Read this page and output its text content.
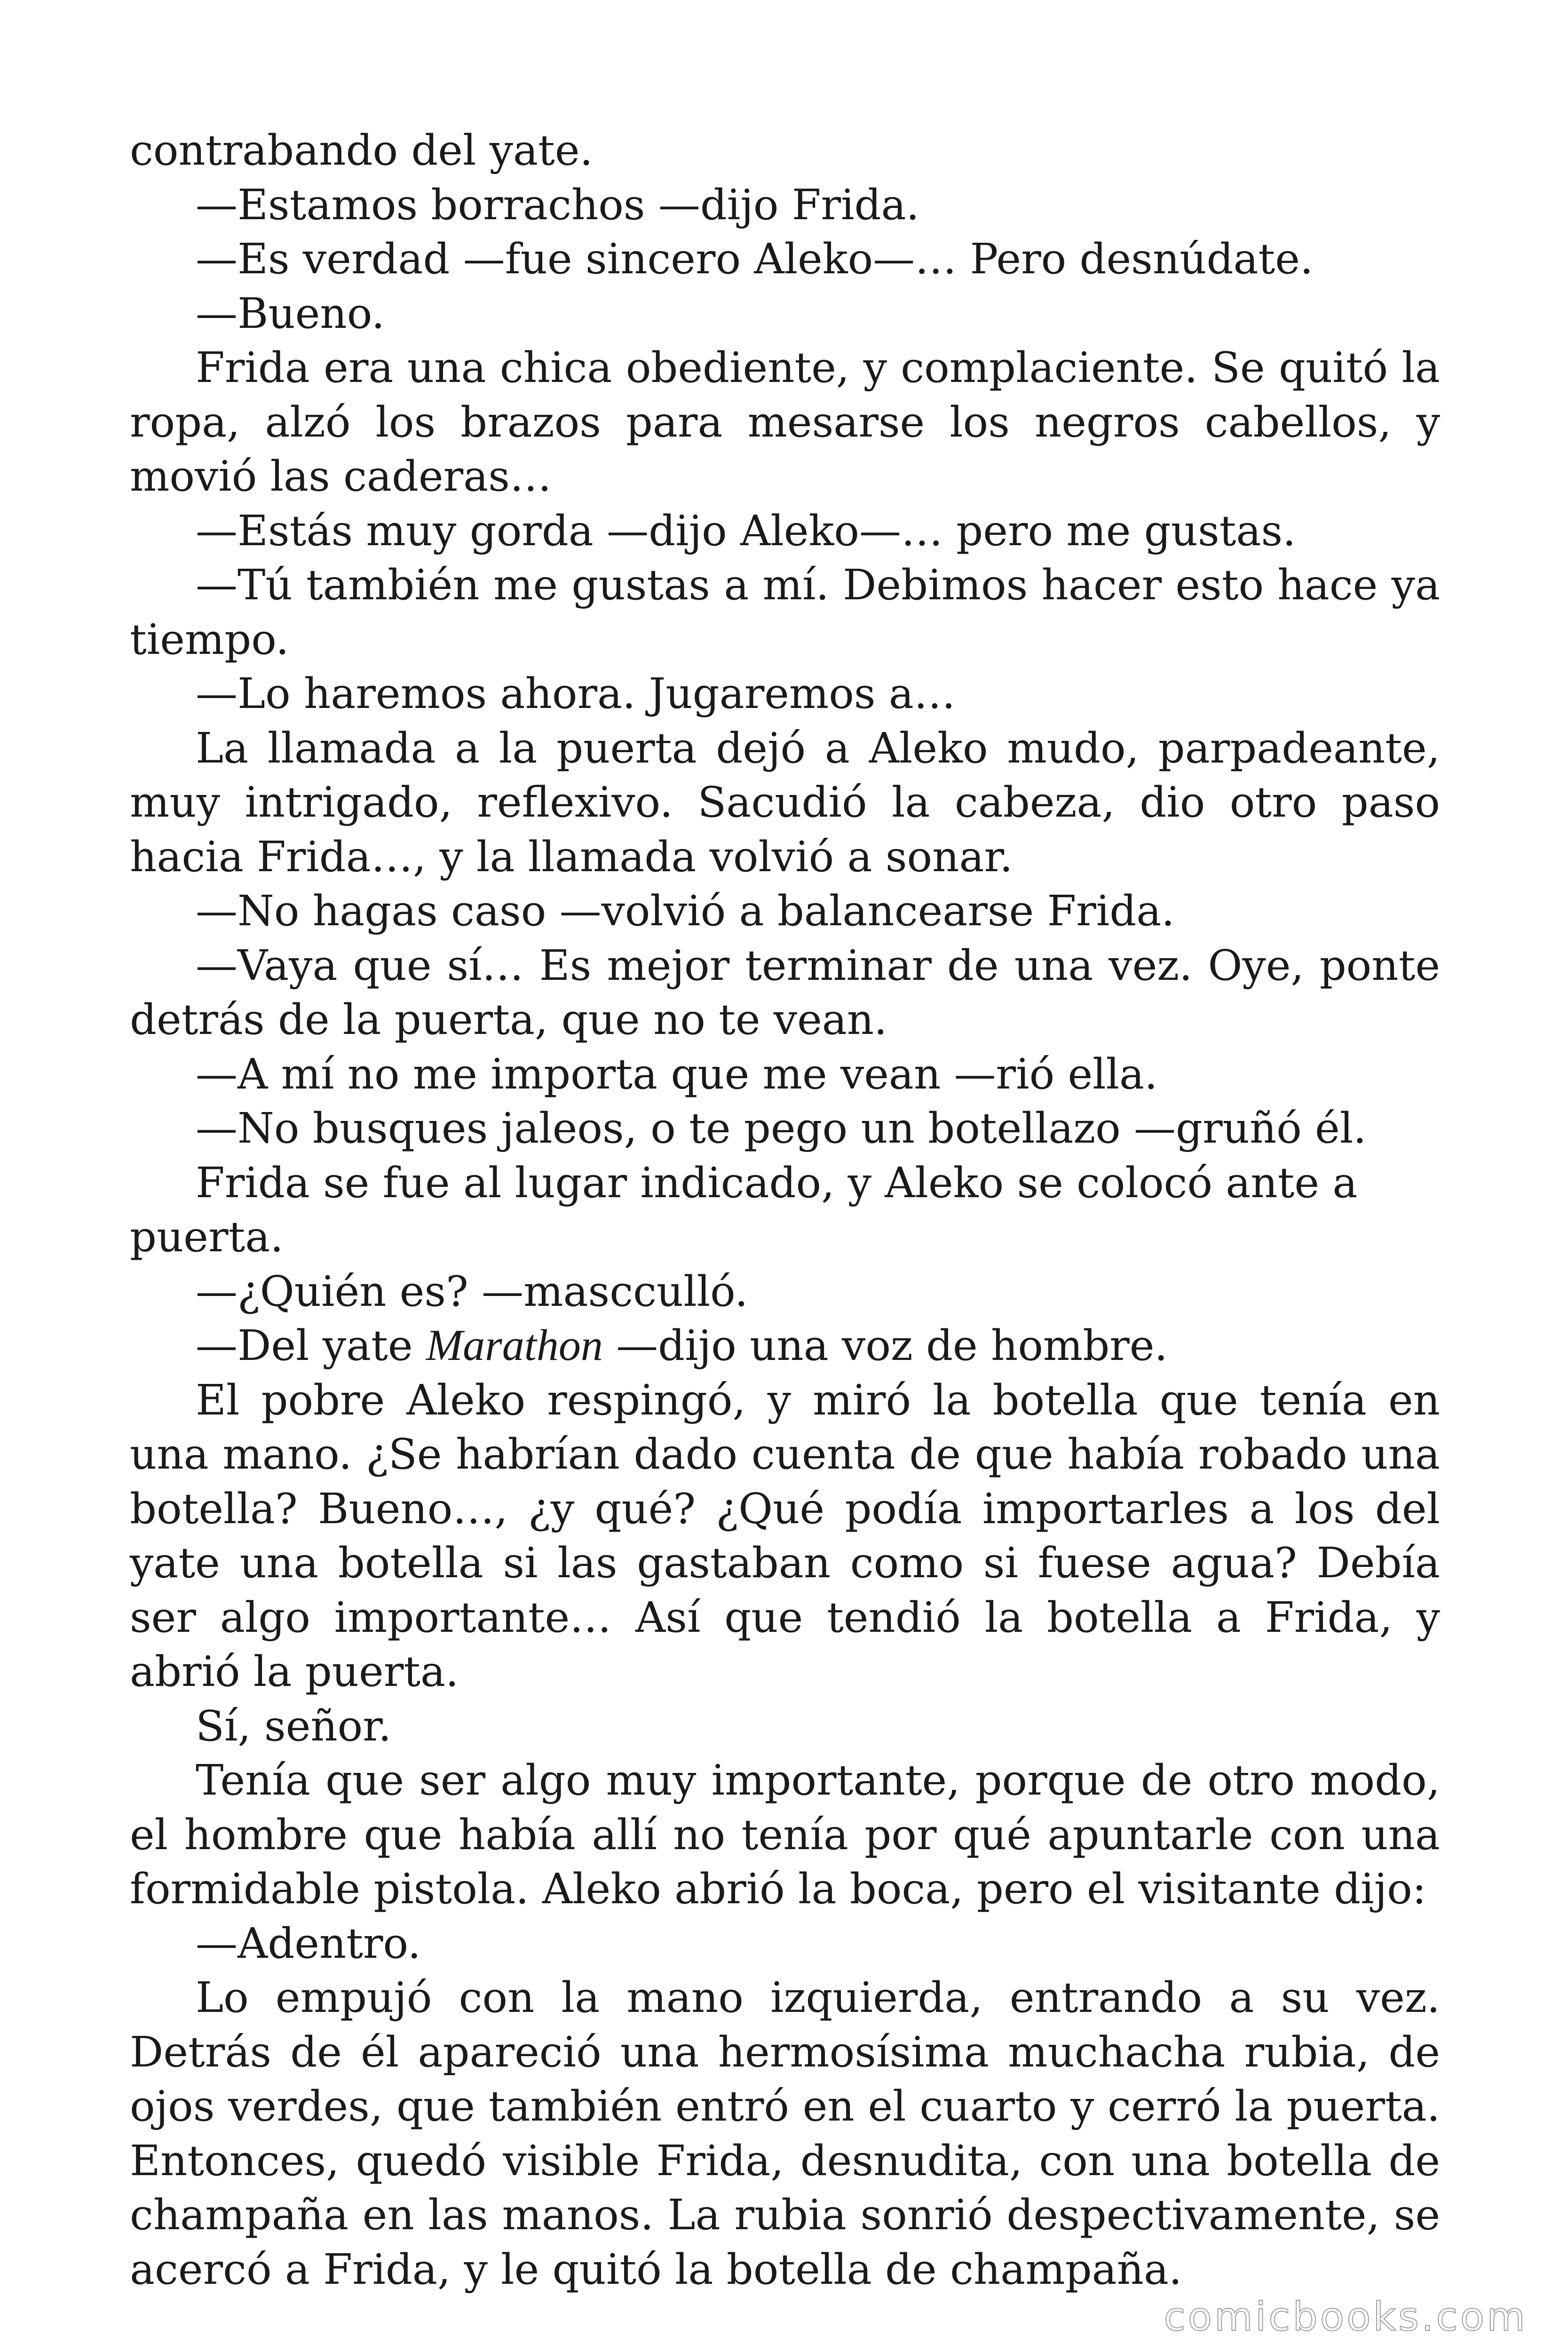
contrabando del yate.

—Estamos borrachos —dijo Frida.

—Es verdad —fue sincero Aleko—… Pero desnúdate.

—Bueno.

Frida era una chica obediente, y complaciente. Se quitó la ropa, alzó los brazos para mesarse los negros cabellos, y movió las caderas…

—Estás muy gorda —dijo Aleko—… pero me gustas.

—Tú también me gustas a mí. Debimos hacer esto hace ya tiempo.

—Lo haremos ahora. Jugaremos a…

La llamada a la puerta dejó a Aleko mudo, parpadeante, muy intrigado, reflexivo. Sacudió la cabeza, dio otro paso hacia Frida…, y la llamada volvió a sonar.

—No hagas caso —volvió a balancearse Frida.

—Vaya que sí… Es mejor terminar de una vez. Oye, ponte detrás de la puerta, que no te vean.

—A mí no me importa que me vean —rió ella.

—No busques jaleos, o te pego un botellazo —gruñó él.

Frida se fue al lugar indicado, y Aleko se colocó ante a puerta.

—¿Quién es? —mascculló.

—Del yate Marathon —dijo una voz de hombre.

El pobre Aleko respingó, y miró la botella que tenía en una mano. ¿Se habrían dado cuenta de que había robado una botella? Bueno…, ¿y qué? ¿Qué podía importarles a los del yate una botella si las gastaban como si fuese agua? Debía ser algo importante… Así que tendió la botella a Frida, y abrió la puerta.

Sí, señor.

Tenía que ser algo muy importante, porque de otro modo, el hombre que había allí no tenía por qué apuntarle con una formidable pistola. Aleko abrió la boca, pero el visitante dijo:

—Adentro.

Lo empujó con la mano izquierda, entrando a su vez. Detrás de él apareció una hermosísima muchacha rubia, de ojos verdes, que también entró en el cuarto y cerró la puerta. Entonces, quedó visible Frida, desnudita, con una botella de champaña en las manos. La rubia sonrió despectivamente, se acercó a Frida, y le quitó la botella de champaña.

comicbooks.com
